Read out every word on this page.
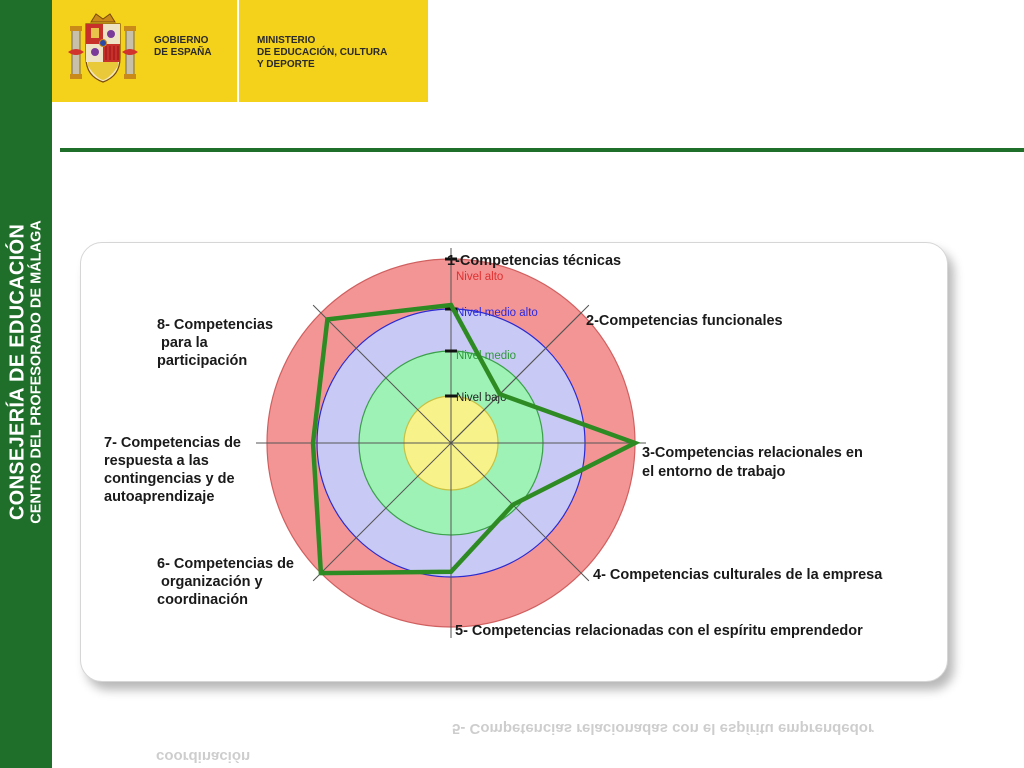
CONSEJERÍA DE EDUCACIÓN CENTRO DEL PROFESORADO DE MÁLAGA
GOBIERNO
DE ESPAÑA
MINISTERIO
DE EDUCACIÓN, CULTURA
Y DEPORTE
Nivel alto
Nivel medio alto
Nivel medio
Nivel bajo
1-Competencias técnicas
2-Competencias funcionales
3-Competencias relacionales en
el entorno de trabajo
4- Competencias culturales de la empresa
5- Competencias relacionadas con el espíritu emprendedor
6- Competencias de
organización y
coordinación
7- Competencias de
respuesta a las
contingencias y de
autoaprendizaje
8- Competencias
para la
participación
5- Competencias relacionadas con el espíritu emprendedor
coordinación
